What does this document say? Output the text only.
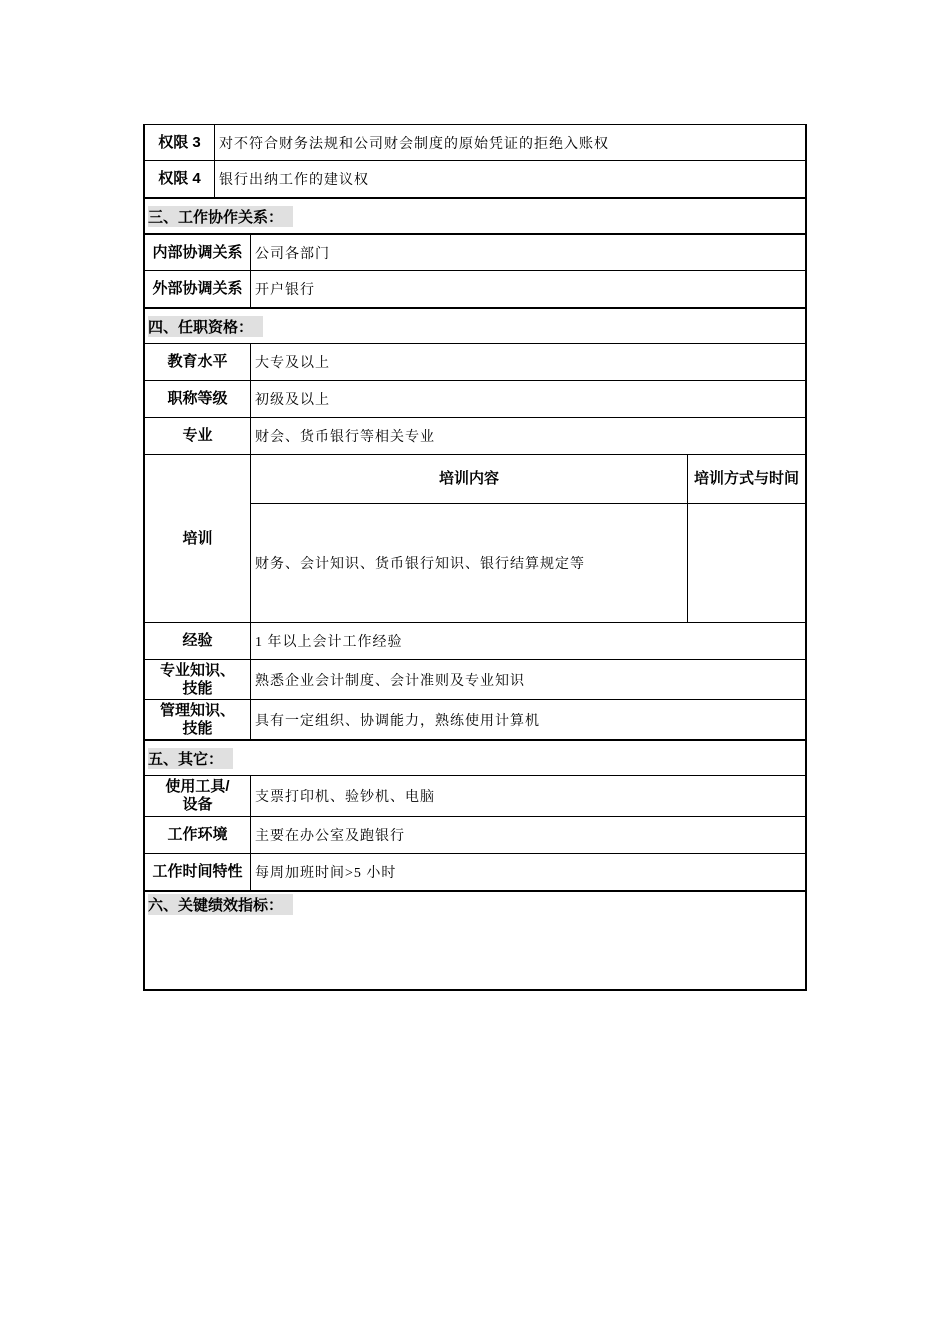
权限 3	对不符合财务法规和公司财会制度的原始凭证的拒绝入账权
权限 4	银行出纳工作的建议权
三、工作协作关系：
内部协调关系 公司各部门
外部协调关系 开户银行
四、任职资格：
教育水平	大专及以上
职称等级	初级及以上
专业	财会、货币银行等相关专业
培训
培训内容	培训方式与时间
财务、会计知识、货币银行知识、银行结算规定等
经验	1 年以上会计工作经验
专业知识、技能	熟悉企业会计制度、会计准则及专业知识
管理知识、技能	具有一定组织、协调能力，熟练使用计算机
五、其它：
使用工具/设备	支票打印机、验钞机、电脑
工作环境	主要在办公室及跑银行
工作时间特性 每周加班时间>5 小时
六、关键绩效指标：
